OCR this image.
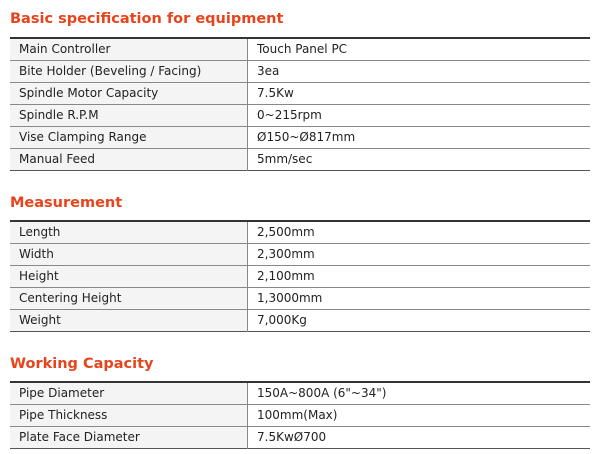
Basic specification for equipment
Main Controller	Touch Panel PC
Bite Holder (Beveling / Facing)	3ea
Spindle Motor Capacity	7.5Kw
Spindle R.P.M	0~215rpm
Vise Clamping Range	Ø150~Ø817mm
Manual Feed	5mm/sec
Measurement
Length	2,500mm
Width	2,300mm
Height	2,100mm
Centering Height	1,3000mm
Weight	7,000Kg
Working Capacity
Pipe Diameter	150A~800A (6"~34")
Pipe Thickness	100mm(Max)
Plate Face Diameter	7.5KwØ700
